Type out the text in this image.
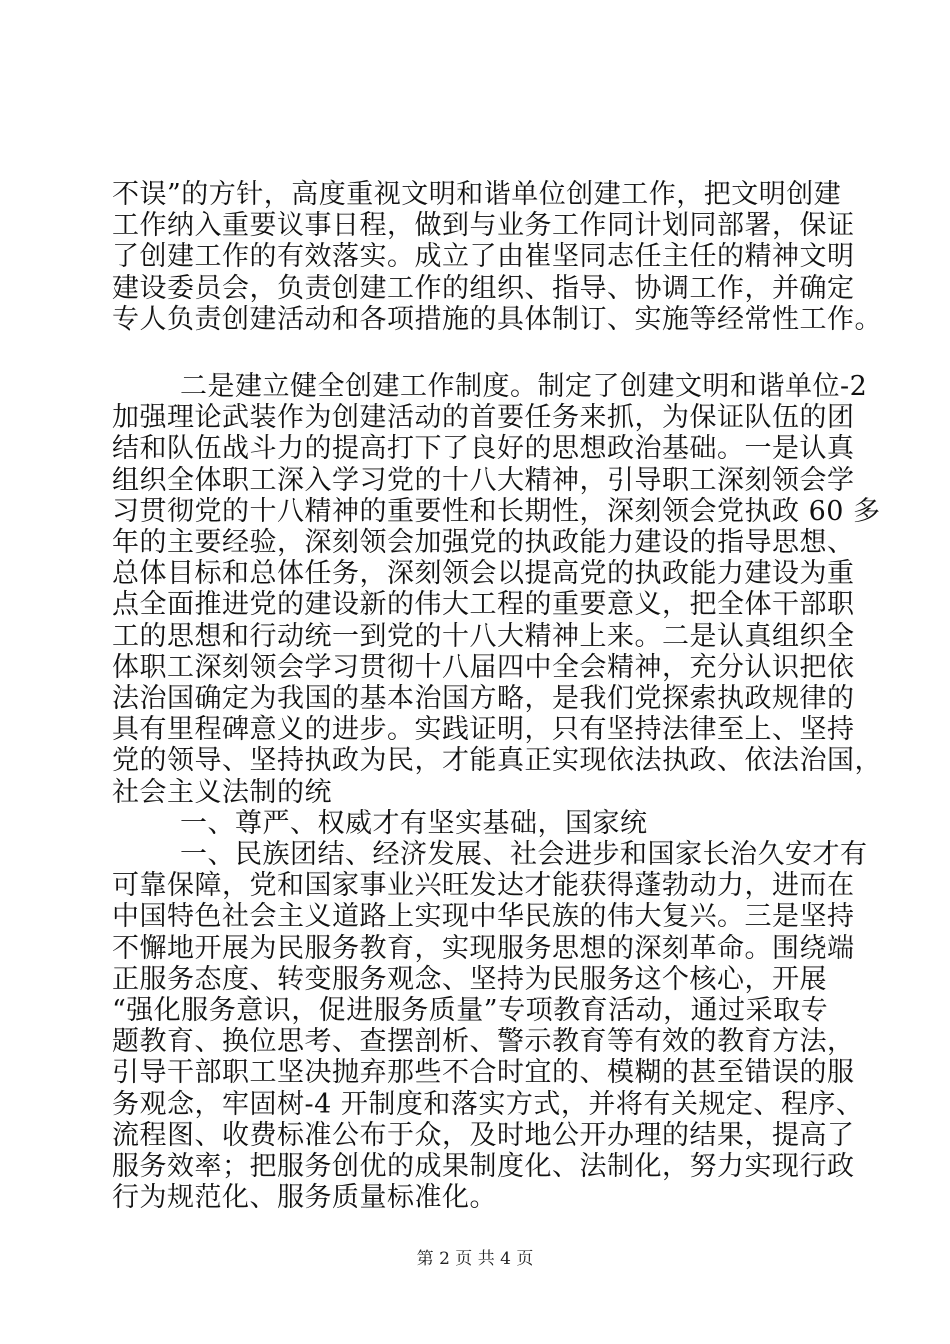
不误”的方针，高度重视文明和谐单位创建工作，把文明创建
工作纳入重要议事日程，做到与业务工作同计划同部署，保证
了创建工作的有效落实。成立了由崔坚同志任主任的精神文明
建设委员会，负责创建工作的组织、指导、协调工作，并确定
专人负责创建活动和各项措施的具体制订、实施等经常性工作。
二是建立健全创建工作制度。制定了创建文明和谐单位-2
加强理论武装作为创建活动的首要任务来抓，为保证队伍的团
结和队伍战斗力的提高打下了良好的思想政治基础。一是认真
组织全体职工深入学习党的十八大精神，引导职工深刻领会学
习贯彻党的十八精神的重要性和长期性，深刻领会党执政 60 多
年的主要经验，深刻领会加强党的执政能力建设的指导思想、
总体目标和总体任务，深刻领会以提高党的执政能力建设为重
点全面推进党的建设新的伟大工程的重要意义，把全体干部职
工的思想和行动统一到党的十八大精神上来。二是认真组织全
体职工深刻领会学习贯彻十八届四中全会精神，充分认识把依
法治国确定为我国的基本治国方略，是我们党探索执政规律的
具有里程碑意义的进步。实践证明，只有坚持法律至上、坚持
党的领导、坚持执政为民，才能真正实现依法执政、依法治国，
社会主义法制的统
一、尊严、权威才有坚实基础，国家统
一、民族团结、经济发展、社会进步和国家长治久安才有
可靠保障，党和国家事业兴旺发达才能获得蓬勃动力，进而在
中国特色社会主义道路上实现中华民族的伟大复兴。三是坚持
不懈地开展为民服务教育，实现服务思想的深刻革命。围绕端
正服务态度、转变服务观念、坚持为民服务这个核心，开展
“强化服务意识，促进服务质量”专项教育活动，通过采取专
题教育、换位思考、查摆剖析、警示教育等有效的教育方法，
引导干部职工坚决抛弃那些不合时宜的、模糊的甚至错误的服
务观念，牢固树-4 开制度和落实方式，并将有关规定、程序、
流程图、收费标准公布于众，及时地公开办理的结果，提高了
服务效率；把服务创优的成果制度化、法制化，努力实现行政
行为规范化、服务质量标准化。
第 2 页 共 4 页
